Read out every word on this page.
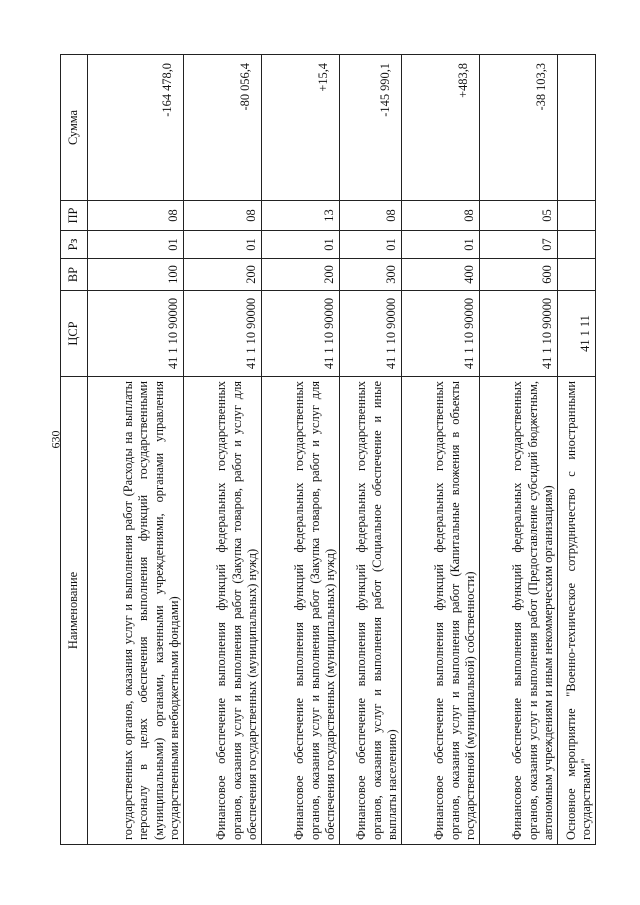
630
Наименование	ЦСР	ВР	Рз	ПР	Сумма
государственных органов, оказания услуг и выполнения работ (Расходы на выплаты персоналу в целях обеспечения выполнения функций государственными (муниципальными) органами, казенными учреждениями, органами управления государственными внебюджетными фондами)	41 1 10 90000	100	01	08	-164 478,0
Финансовое обеспечение выполнения функций федеральных государственных органов, оказания услуг и выполнения работ (Закупка товаров, работ и услуг для обеспечения государственных (муниципальных) нужд)	41 1 10 90000	200	01	08	-80 056,4
Финансовое обеспечение выполнения функций федеральных государственных органов, оказания услуг и выполнения работ (Закупка товаров, работ и услуг для обеспечения государственных (муниципальных) нужд)	41 1 10 90000	200	01	13	+15,4
Финансовое обеспечение выполнения функций федеральных государственных органов, оказания услуг и выполнения работ (Социальное обеспечение и иные выплаты населению)	41 1 10 90000	300	01	08	-145 990,1
Финансовое обеспечение выполнения функций федеральных государственных органов, оказания услуг и выполнения работ (Капитальные вложения в объекты государственной (муниципальной) собственности)	41 1 10 90000	400	01	08	+483,8
Финансовое обеспечение выполнения функций федеральных государственных органов, оказания услуг и выполнения работ (Предоставление субсидий бюджетным, автономным учреждениям и иным некоммерческим организациям)	41 1 10 90000	600	07	05	-38 103,3
Основное мероприятие "Военно-техническое сотрудничество с иностранными государствами"	41 1 11				
